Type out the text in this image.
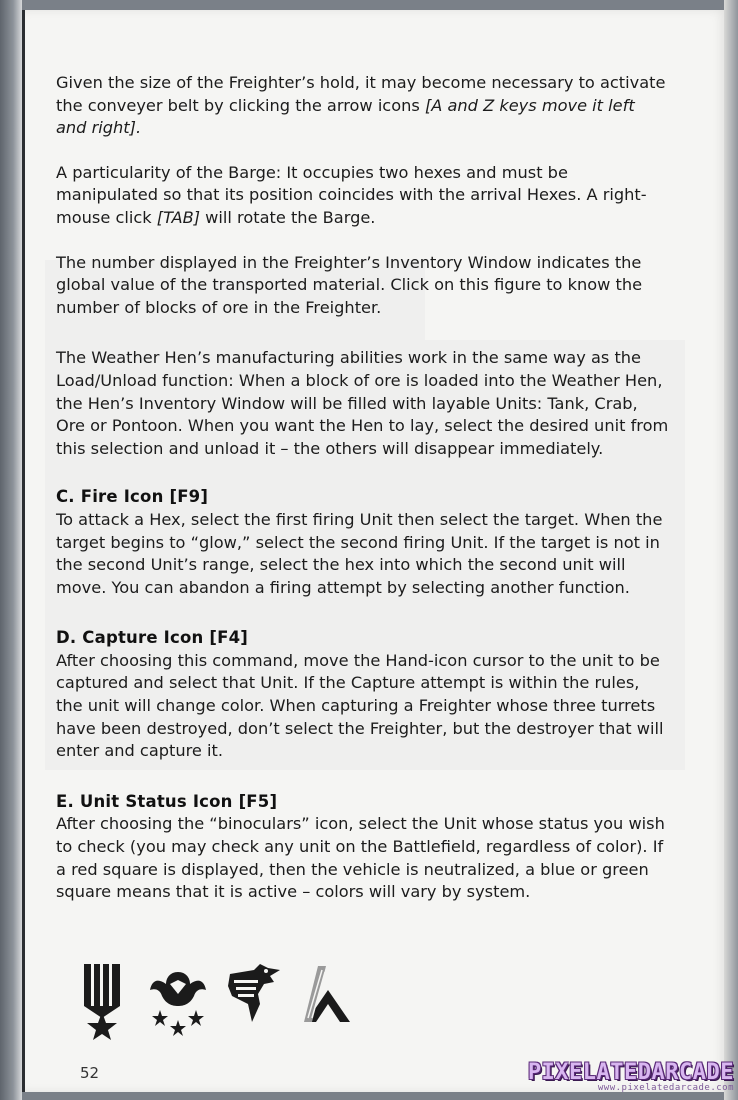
Given the size of the Freighter’s hold, it may become necessary to activate the conveyer belt by clicking the arrow icons [A and Z keys move it left and right].

A particularity of the Barge: It occupies two hexes and must be manipulated so that its position coincides with the arrival Hexes. A right-mouse click [TAB] will rotate the Barge.

The number displayed in the Freighter’s Inventory Window indicates the global value of the transported material. Click on this figure to know the number of blocks of ore in the Freighter.

The Weather Hen’s manufacturing abilities work in the same way as the Load/Unload function: When a block of ore is loaded into the Weather Hen, the Hen’s Inventory Window will be filled with layable Units: Tank, Crab, Ore or Pontoon. When you want the Hen to lay, select the desired unit from this selection and unload it – the others will disappear immediately.

C. Fire Icon [F9]

To attack a Hex, select the first firing Unit then select the target. When the target begins to “glow,” select the second firing Unit. If the target is not in the second Unit’s range, select the hex into which the second unit will move. You can abandon a firing attempt by selecting another function.

D. Capture Icon [F4]

After choosing this command, move the Hand-icon cursor to the unit to be captured and select that Unit. If the Capture attempt is within the rules, the unit will change color. When capturing a Freighter whose three turrets have been destroyed, don’t select the Freighter, but the destroyer that will enter and capture it.

E. Unit Status Icon [F5]

After choosing the “binoculars” icon, select the Unit whose status you wish to check (you may check any unit on the Battlefield, regardless of color). If a red square is displayed, then the vehicle is neutralized, a blue or green square means that it is active – colors will vary by system.

52	PIXELATEDARCADE
www.pixelatedarcade.com
